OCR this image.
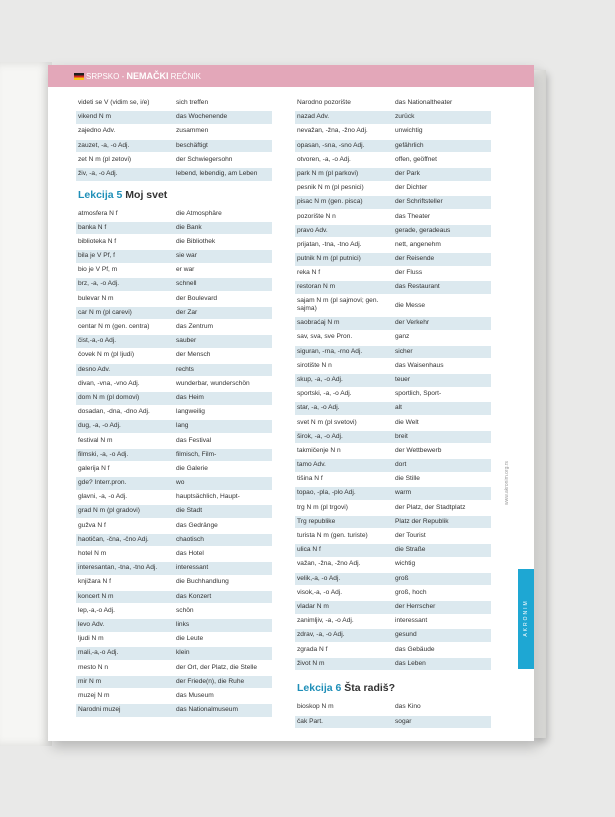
SRPSKO - NEMAČKI REČNIK
videti se V (vidim se, i/e)	sich treffen
vikend N m	das Wochenende
zajedno Adv.	zusammen
zauzet, -a, -o Adj.	beschäftigt
zet N m (pl zetovi)	der Schwiegersohn
živ, -a, -o Adj.	lebend, lebendig, am Leben
Lekcija 5 Moj svet
atmosfera N f	die Atmosphäre
banka N f	die Bank
biblioteka N f	die Bibliothek
bila je V Pf, f	sie war
bio je V Pf, m	er war
brz, -a, -o Adj.	schnell
bulevar N m	der Boulevard
car N m (pl carevi)	der Zar
centar N m (gen. centra)	das Zentrum
čist,-a,-o Adj.	sauber
čovek N m (pl ljudi)	der Mensch
desno Adv.	rechts
divan, -vna, -vno Adj.	wunderbar, wunderschön
dom N m (pl domovi)	das Heim
dosadan, -dna, -dno Adj.	langweilig
dug, -a, -o Adj.	lang
festival N m	das Festival
filmski, -a, -o Adj.	filmisch, Film-
galerija N f	die Galerie
gde? Interr.pron.	wo
glavni, -a, -o Adj.	hauptsächlich, Haupt-
grad N m (pl gradovi)	die Stadt
gužva N f	das Gedränge
haotičan, -čna, -čno Adj.	chaotisch
hotel N m	das Hotel
interesantan, -tna, -tno Adj.	interessant
knjižara N f	die Buchhandlung
koncert N m	das Konzert
lep,-a,-o Adj.	schön
levo Adv.	links
ljudi N m	die Leute
mali,-a,-o Adj.	klein
mesto N n	der Ort, der Platz, die Stelle
mir N m	der Friede(n), die Ruhe
muzej N m	das Museum
Narodni muzej	das Nationalmuseum
Narodno pozorište	das Nationaltheater
nazad Adv.	zurück
nevažan, -žna, -žno Adj.	unwichtig
opasan, -sna, -sno Adj.	gefährlich
otvoren, -a, -o Adj.	offen, geöffnet
park N m (pl parkovi)	der Park
pesnik N m (pl pesnici)	der Dichter
pisac N m (gen. pisca)	der Schriftsteller
pozorište N n	das Theater
pravo Adv.	gerade, geradeaus
prijatan, -tna, -tno Adj.	nett, angenehm
putnik N m (pl putnici)	der Reisende
reka N f	der Fluss
restoran N m	das Restaurant
sajam N m (pl sajmovi; gen. sajma)	die Messe
saobraćaj N m	der Verkehr
sav, sva, sve Pron.	ganz
siguran, -rna, -rno Adj.	sicher
sirotište N n	das Waisenhaus
skup, -a, -o Adj.	teuer
sportski, -a, -o Adj.	sportlich, Sport-
star, -a, -o Adj.	alt
svet N m (pl svetovi)	die Welt
širok, -a, -o Adj.	breit
takmičenje N n	der Wettbewerb
tamo Adv.	dort
tišina N f	die Stille
topao, -pla, -plo Adj.	warm
trg N m (pl trgovi)	der Platz, der Stadtplatz
Trg republike	Platz der Republik
turista N m (gen. turiste)	der Tourist
ulica N f	die Straße
važan, -žna, -žno Adj.	wichtig
velik,-a, -o Adj.	groß
visok,-a, -o Adj.	groß, hoch
vladar N m	der Herrscher
zanimljiv, -a, -o Adj.	interessant
zdrav, -a, -o Adj.	gesund
zgrada N f	das Gebäude
život N m	das Leben
Lekcija 6 Šta radiš?
bioskop N m	das Kino
čak Part.	sogar
www.akronim.org.rs
AKRONIM
